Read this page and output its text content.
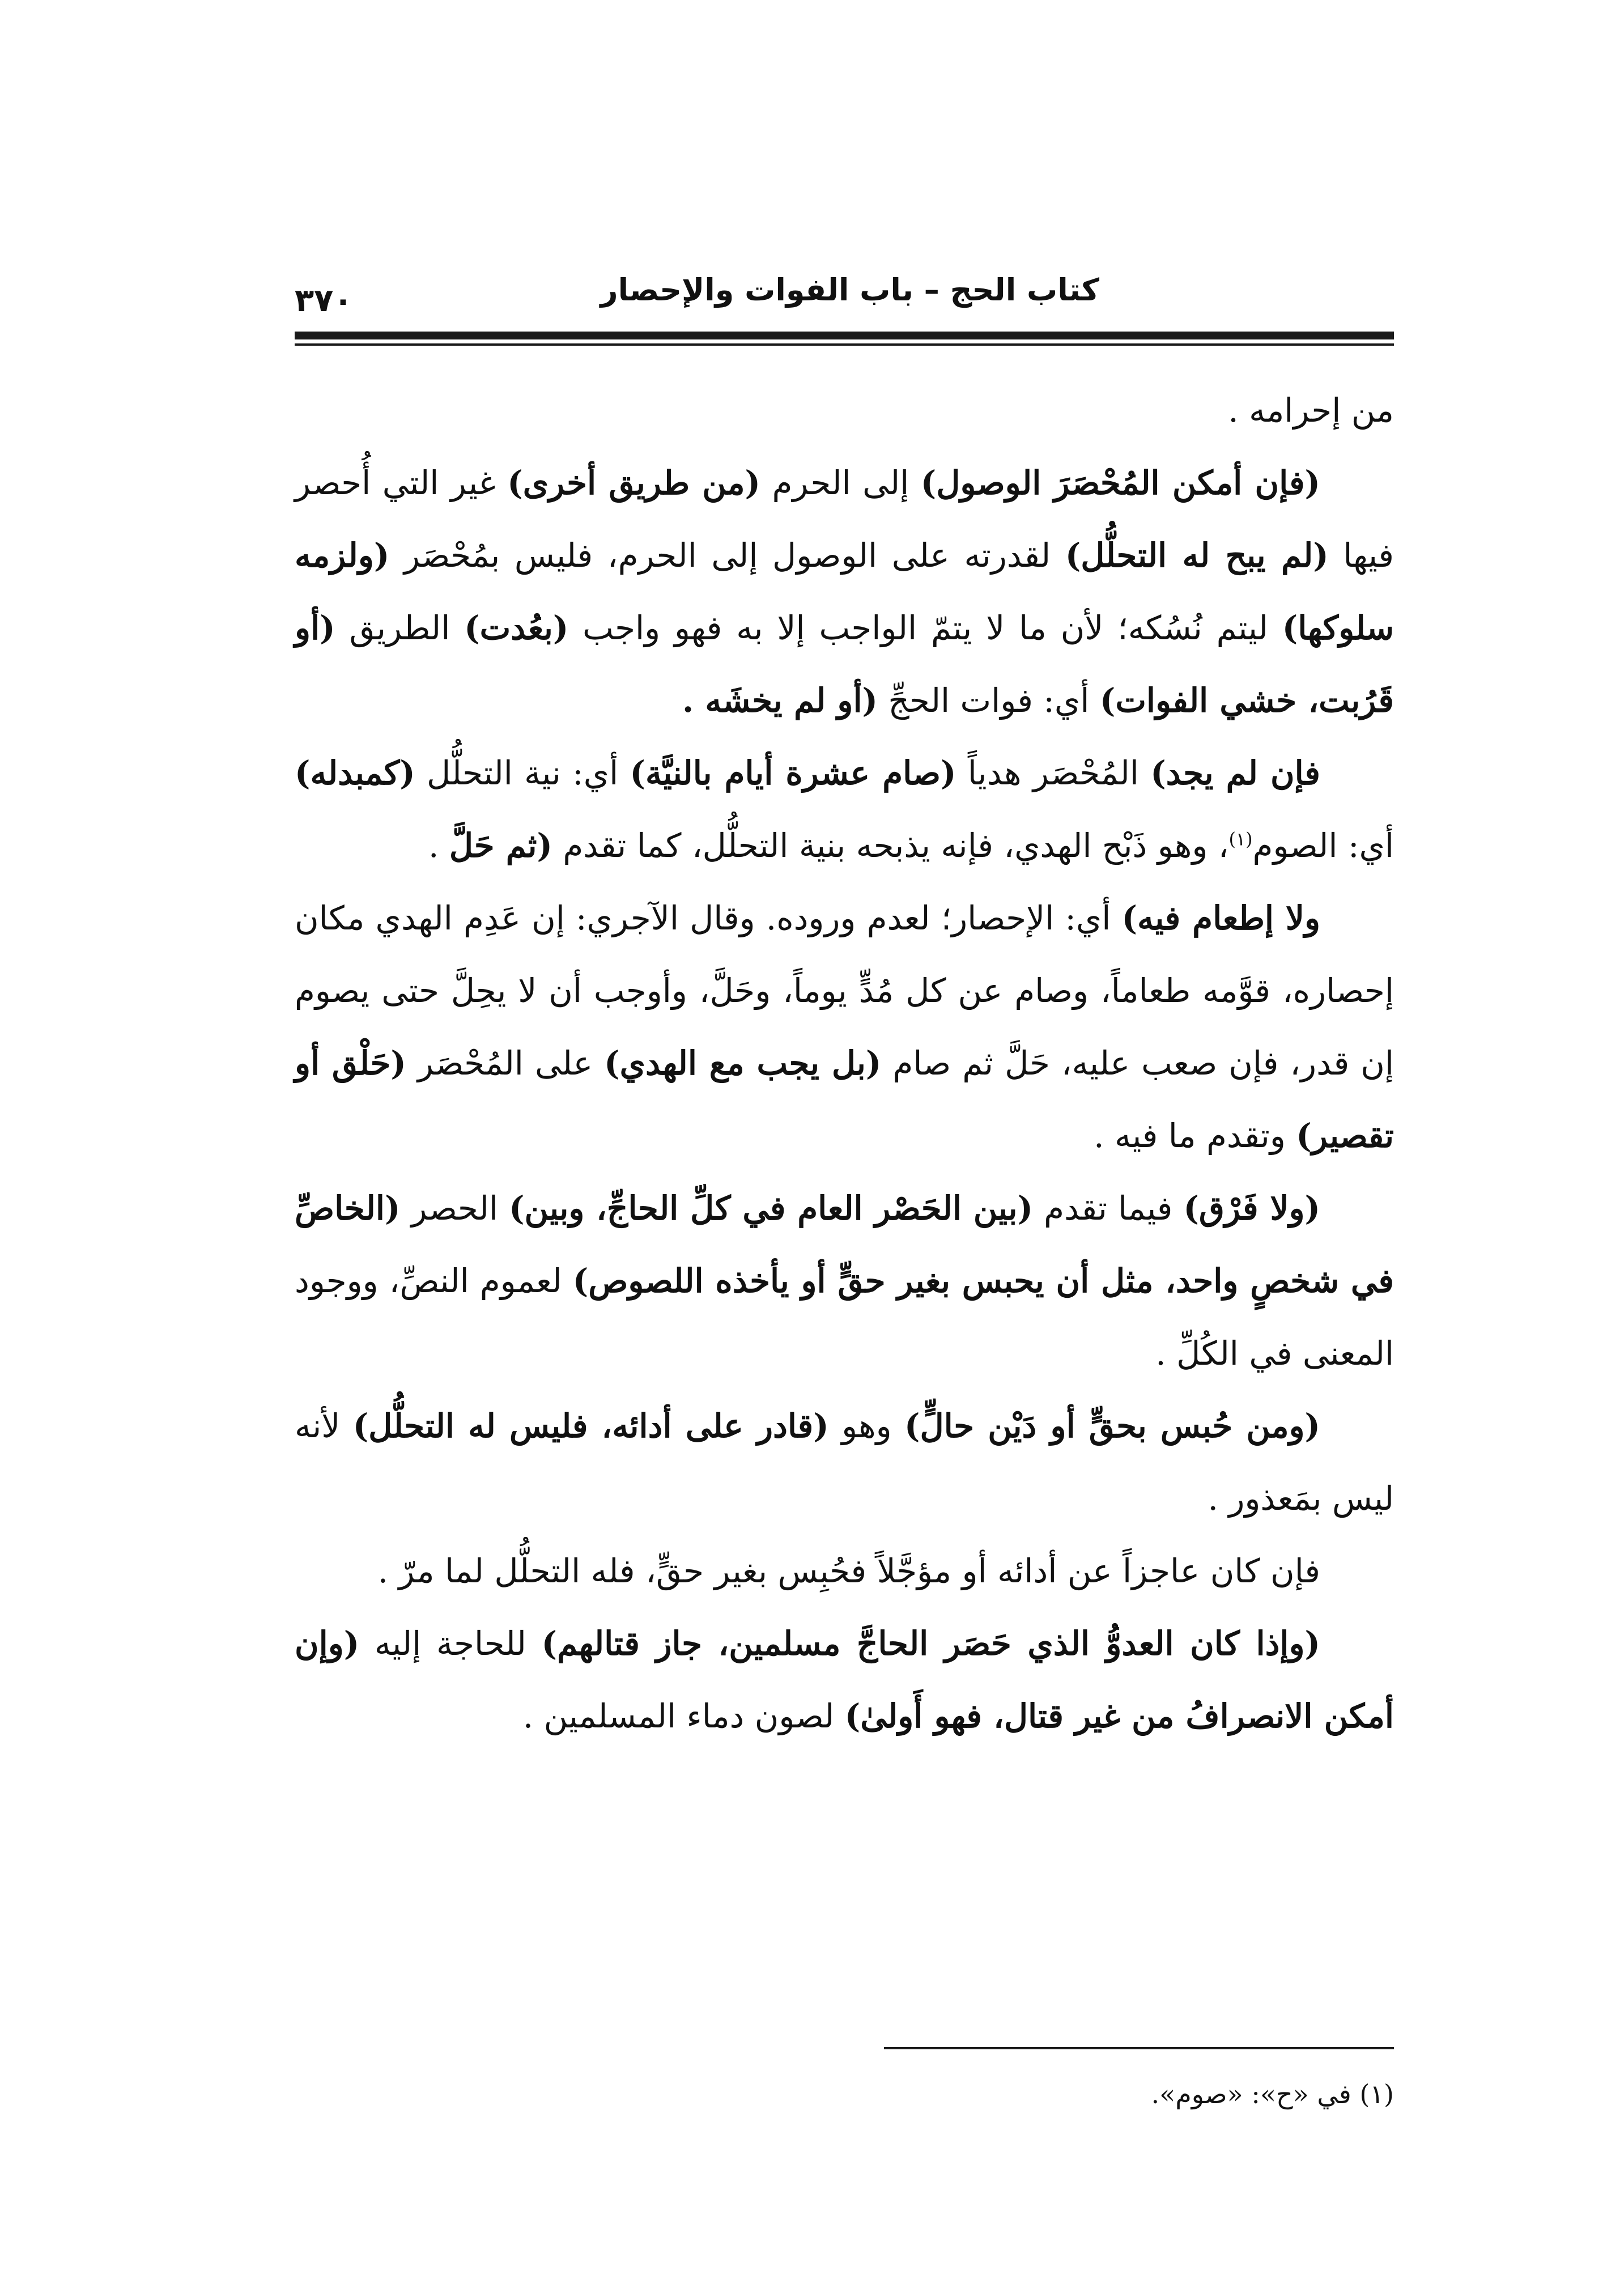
٣٧٠	كتاب الحج – باب الفوات والإحصار

من إحرامه .

(فإن أمكن المُحْصَرَ الوصول) إلى الحرم (من طريق أخرى) غير التي أُحصر فيها (لم يبح له التحلُّل) لقدرته على الوصول إلى الحرم، فليس بمُحْصَر (ولزمه سلوكها) ليتم نُسُكه؛ لأن ما لا يتمّ الواجب إلا به فهو واجب (بعُدت) الطريق (أو قَرُبت، خشي الفوات) أي: فوات الحجِّ (أو لم يخشَه .

فإن لم يجد) المُحْصَر هدياً (صام عشرة أيام بالنيَّة) أي: نية التحلُّل (كمبدله) أي: الصوم$^{(١)}$، وهو ذَبْح الهدي، فإنه يذبحه بنية التحلُّل، كما تقدم (ثم حَلَّ .

ولا إطعام فيه) أي: الإحصار؛ لعدم وروده. وقال الآجري: إن عَدِم الهدي مكان إحصاره، قوَّمه طعاماً، وصام عن كل مُدٍّ يوماً، وحَلَّ، وأوجب أن لا يحِلَّ حتى يصوم إن قدر، فإن صعب عليه، حَلَّ ثم صام (بل يجب مع الهدي) على المُحْصَر (حَلْق أو تقصير) وتقدم ما فيه .

(ولا فَرْق) فيما تقدم (بين الحَصْر العام في كلِّ الحاجِّ، وبين) الحصر (الخاصِّ في شخصٍ واحد، مثل أن يحبس بغير حقٍّ أو يأخذه اللصوص) لعموم النصِّ، ووجود المعنى في الكُلِّ .

(ومن حُبس بحقٍّ أو دَيْن حالٍّ) وهو (قادر على أدائه، فليس له التحلُّل) لأنه ليس بمَعذور .

فإن كان عاجزاً عن أدائه أو مؤجَّلاً فحُبِس بغير حقٍّ، فله التحلُّل لما مرّ .

(وإذا كان العدوُّ الذي حَصَر الحاجَّ مسلمين، جاز قتالهم) للحاجة إليه (وإن أمكن الانصرافُ من غير قتال، فهو أَولىٰ) لصون دماء المسلمين .

(١) في «ح»: «صوم».
